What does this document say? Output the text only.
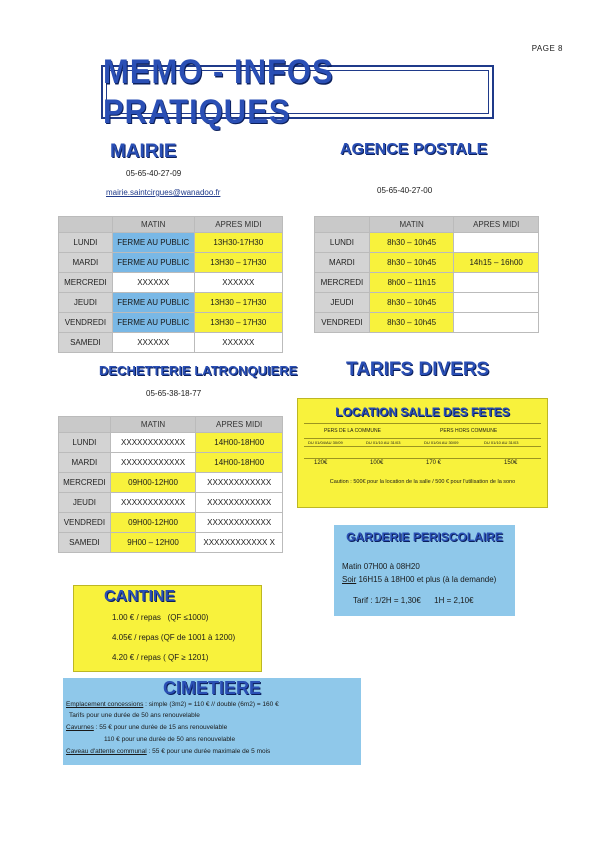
PAGE 8
MEMO - INFOS PRATIQUES
MAIRIE
05-65-40-27-09
mairie.saintcirgues@wanadoo.fr
	MATIN	APRES MIDI
LUNDI	FERME AU PUBLIC	13H30-17H30
MARDI	FERME AU PUBLIC	13H30 – 17H30
MERCREDI	XXXXXX	XXXXXX
JEUDI	FERME AU PUBLIC	13H30 – 17H30
VENDREDI	FERME AU PUBLIC	13H30 – 17H30
SAMEDI	XXXXXX	XXXXXX
AGENCE POSTALE
05-65-40-27-00
	MATIN	APRES MIDI
LUNDI	8h30 – 10h45	
MARDI	8h30 – 10h45	14h15 – 16h00
MERCREDI	8h00 – 11h15	
JEUDI	8h30 – 10h45	
VENDREDI	8h30 – 10h45	
DECHETTERIE LATRONQUIERE
05-65-38-18-77
	MATIN	APRES MIDI
LUNDI	XXXXXXXXXXXX	14H00-18H00
MARDI	XXXXXXXXXXXX	14H00-18H00
MERCREDI	09H00-12H00	XXXXXXXXXXXX
JEUDI	XXXXXXXXXXXX	XXXXXXXXXXXX
VENDREDI	09H00-12H00	XXXXXXXXXXXX
SAMEDI	9H00 – 12H00	XXXXXXXXXXXX X
TARIFS DIVERS
LOCATION SALLE DES FETES
PERS DE LA COMMUNE	PERS HORS COMMUNE
DU 01/04/AU 30/09	DU 01/10 AU 31/03	DU 01/04 AU 30/09	DU 01/10 AU 31/03
120€	100€	170 €	150€
Caution : 500€ pour la location de la salle / 500 € pour l'utilisation de la sono
GARDERIE PERISCOLAIRE
Matin 07H00 à 08H20
Soir 16H15 à 18H00 et plus (à la demande)
Tarif : 1/2H = 1,30€      1H = 2,10€
CANTINE
1.00 € / repas   (QF ≤1000)
4.05€ / repas (QF de 1001 à 1200)
4.20 € / repas ( QF ≥ 1201)
CIMETIERE
Emplacement concessions : simple (3m2) = 110 € // double (6m2) = 160 €
Tarifs pour une durée de 50 ans renouvelable
Cavurnes : 55 € pour une durée de 15 ans renouvelable
110 € pour une durée de 50 ans renouvelable
Caveau d'attente communal : 55 € pour une durée maximale de 5 mois
